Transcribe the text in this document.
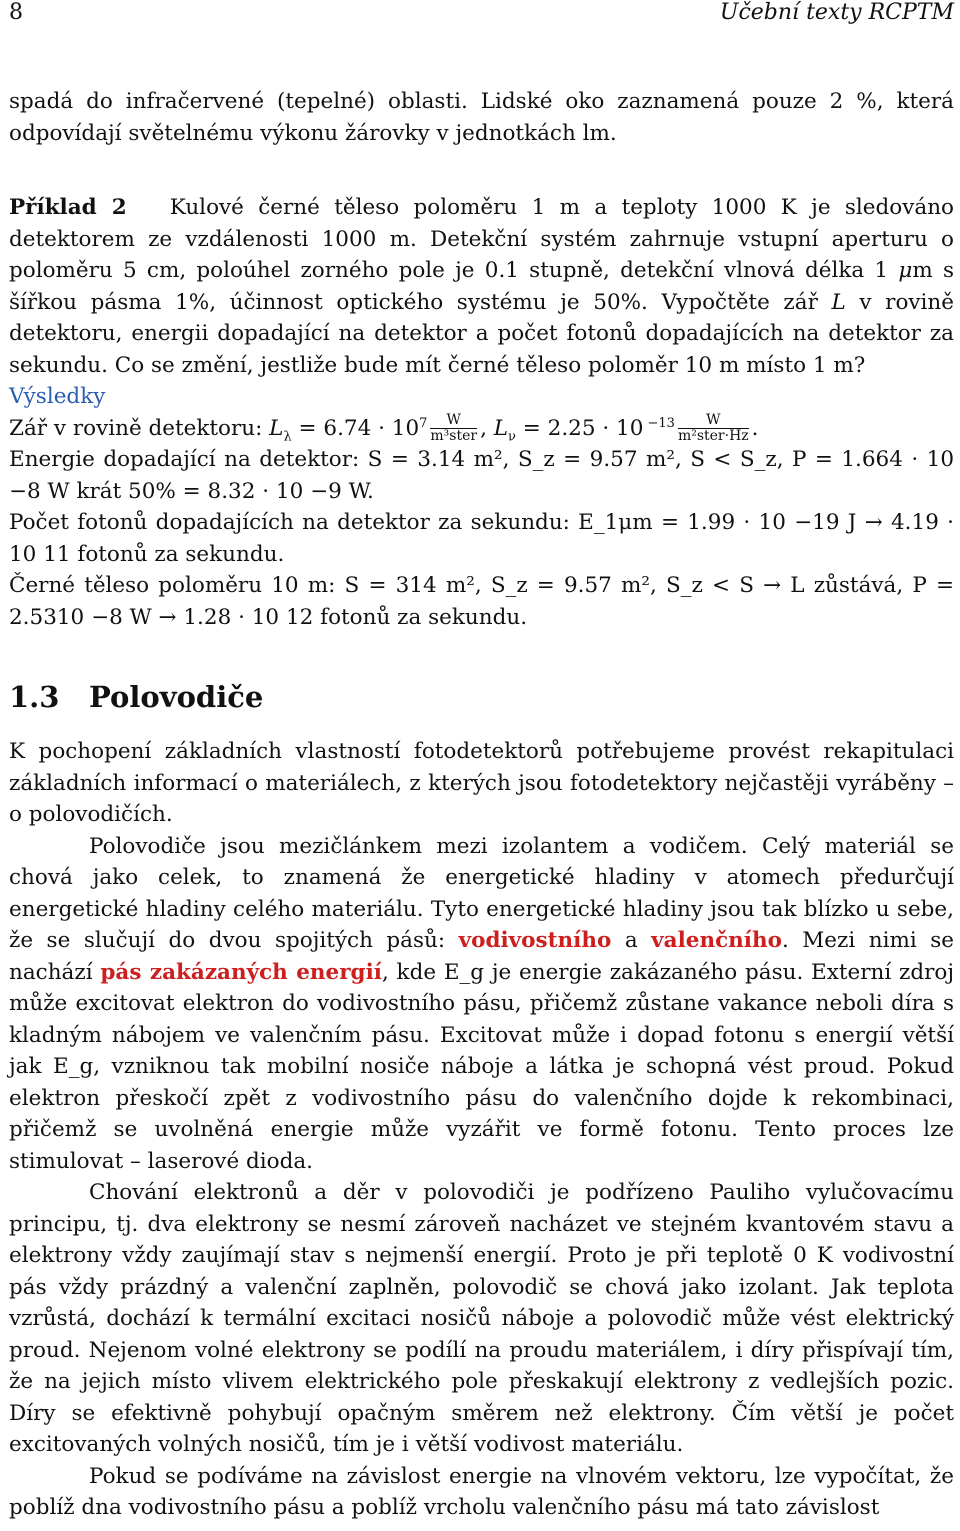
8	Učební texty RCPTM

spadá do infračervené (tepelné) oblasti. Lidské oko zaznamená pouze 2 %, která odpovídají světelnému výkonu žárovky v jednotkách lm.

Příklad 2 Kulové černé těleso poloměru 1 m a teploty 1000 K je sledováno detektorem ze vzdálenosti 1000 m. Detekční systém zahrnuje vstupní aperturu o poloměru 5 cm, poloúhel zorného pole je 0.1 stupně, detekční vlnová délka 1 μm s šířkou pásma 1%, účinnost optického systému je 50%. Vypočtěte zář L v rovině detektoru, energii dopadající na detektor a počet fotonů dopadajících na detektor za sekundu. Co se změní, jestliže bude mít černé těleso poloměr 10 m místo 1 m?

Výsledky

Zář v rovině detektoru: $L_\lambda = 6.74 \cdot 10^7 \frac{W}{\text{m³ster}}$ , $L_\nu = 2.25 \cdot 10$ $^{-13} \frac{W}{\text{m²ster·Hz}}$ .

Energie dopadající na detektor: S = 3.14 m², S_z = 9.57 m², S < S_z, P = 1.664 · 10 −8 W krát 50% = 8.32 · 10 −9 W.

Počet fotonů dopadajících na detektor za sekundu: E_1μm = 1.99 · 10 −19 J → 4.19 · 10 11 fotonů za sekundu.

Černé těleso poloměru 10 m: S = 314 m², S_z = 9.57 m², S_z < S → L zůstává, P = 2.5310 −8 W → 1.28 · 10 12 fotonů za sekundu.

1.3 Polovodiče

K pochopení základních vlastností fotodetektorů potřebujeme provést rekapitulaci základních informací o materiálech, z kterých jsou fotodetektory nejčastěji vyráběny – o polovodičích.

Polovodiče jsou mezičlánkem mezi izolantem a vodičem. Celý materiál se chová jako celek, to znamená že energetické hladiny v atomech předurčují energetické hladiny celého materiálu. Tyto energetické hladiny jsou tak blízko u sebe, že se slučují do dvou spojitých pásů: vodivostního a valenčního. Mezi nimi se nachází pás zakázaných energií, kde E_g je energie zakázaného pásu. Externí zdroj může excitovat elektron do vodivostního pásu, přičemž zůstane vakance neboli díra s kladným nábojem ve valenčním pásu. Excitovat může i dopad fotonu s energií větší jak E_g, vzniknou tak mobilní nosiče náboje a látka je schopná vést proud. Pokud elektron přeskočí zpět z vodivostního pásu do valenčního dojde k rekombinaci, přičemž se uvolněná energie může vyzářit ve formě fotonu. Tento proces lze stimulovat – laserové dioda.

Chování elektronů a děr v polovodiči je podřízeno Pauliho vylučovacímu principu, tj. dva elektrony se nesmí zároveň nacházet ve stejném kvantovém stavu a elektrony vždy zaujímají stav s nejmenší energií. Proto je při teplotě 0 K vodivostní pás vždy prázdný a valenční zaplněn, polovodič se chová jako izolant. Jak teplota vzrůstá, dochází k termální excitaci nosičů náboje a polovodič může vést elektrický proud. Nejenom volné elektrony se podílí na proudu materiálem, i díry přispívají tím, že na jejich místo vlivem elektrického pole přeskakují elektrony z vedlejších pozic. Díry se efektivně pohybují opačným směrem než elektrony. Čím větší je počet excitovaných volných nosičů, tím je i větší vodivost materiálu.

Pokud se podíváme na závislost energie na vlnovém vektoru, lze vypočítat, že poblíž dna vodivostního pásu a poblíž vrcholu valenčního pásu má tato závislost
